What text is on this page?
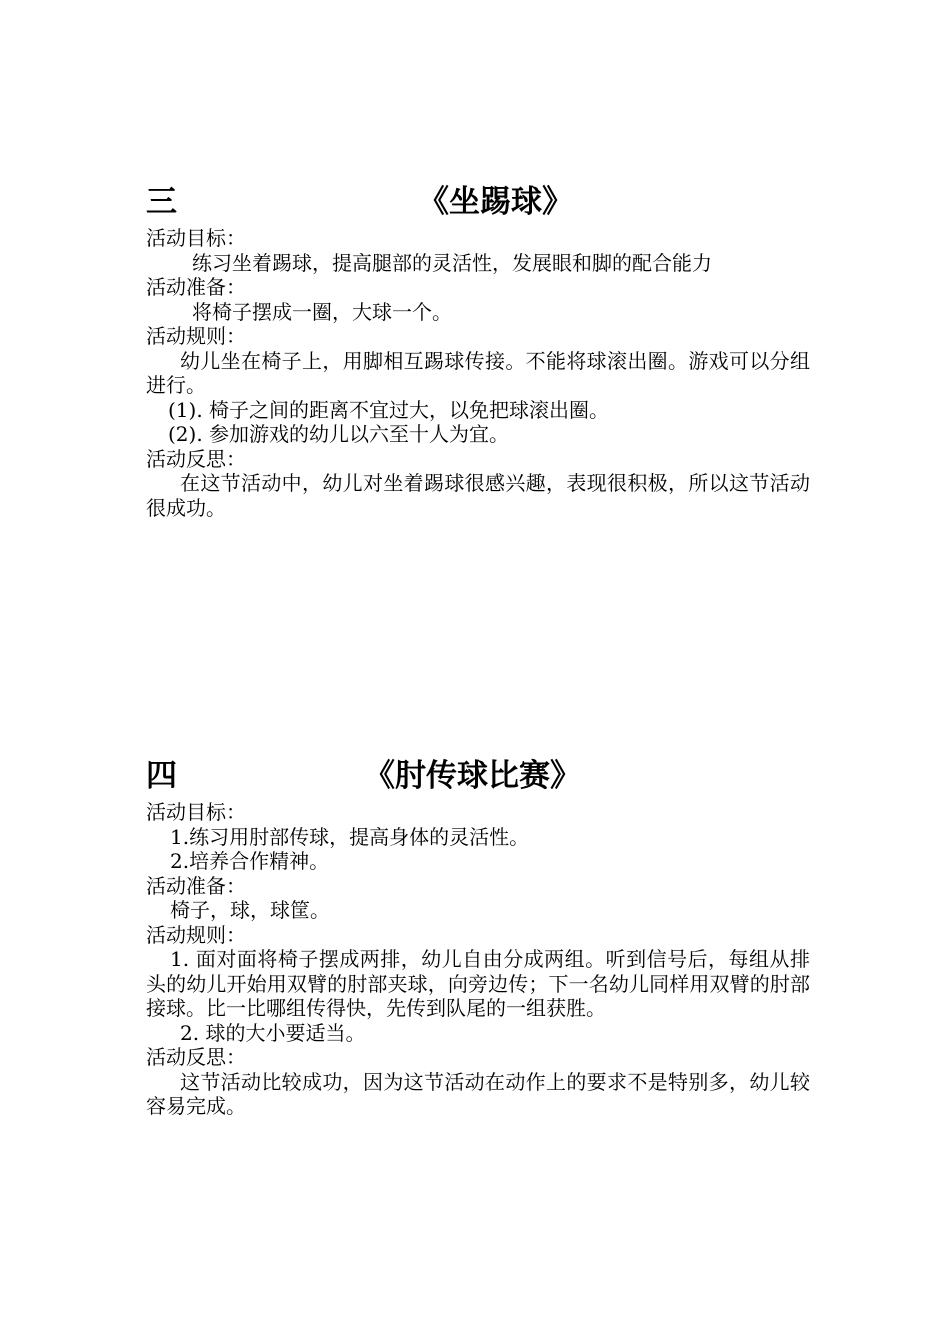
三	《坐踢球》
活动目标：
练习坐着踢球，提高腿部的灵活性，发展眼和脚的配合能力
活动准备：
将椅子摆成一圈，大球一个。
活动规则：
幼儿坐在椅子上，用脚相互踢球传接。不能将球滚出圈。游戏可以分组进行。
(1). 椅子之间的距离不宜过大，以免把球滚出圈。
(2). 参加游戏的幼儿以六至十人为宜。
活动反思：
在这节活动中，幼儿对坐着踢球很感兴趣，表现很积极，所以这节活动很成功。
四	《肘传球比赛》
活动目标：
1.练习用肘部传球，提高身体的灵活性。
2.培养合作精神。
活动准备：
椅子，球，球筐。
活动规则：
1. 面对面将椅子摆成两排，幼儿自由分成两组。听到信号后，每组从排头的幼儿开始用双臂的肘部夹球，向旁边传；下一名幼儿同样用双臂的肘部接球。比一比哪组传得快，先传到队尾的一组获胜。
2. 球的大小要适当。
活动反思：
这节活动比较成功，因为这节活动在动作上的要求不是特别多，幼儿较容易完成。
